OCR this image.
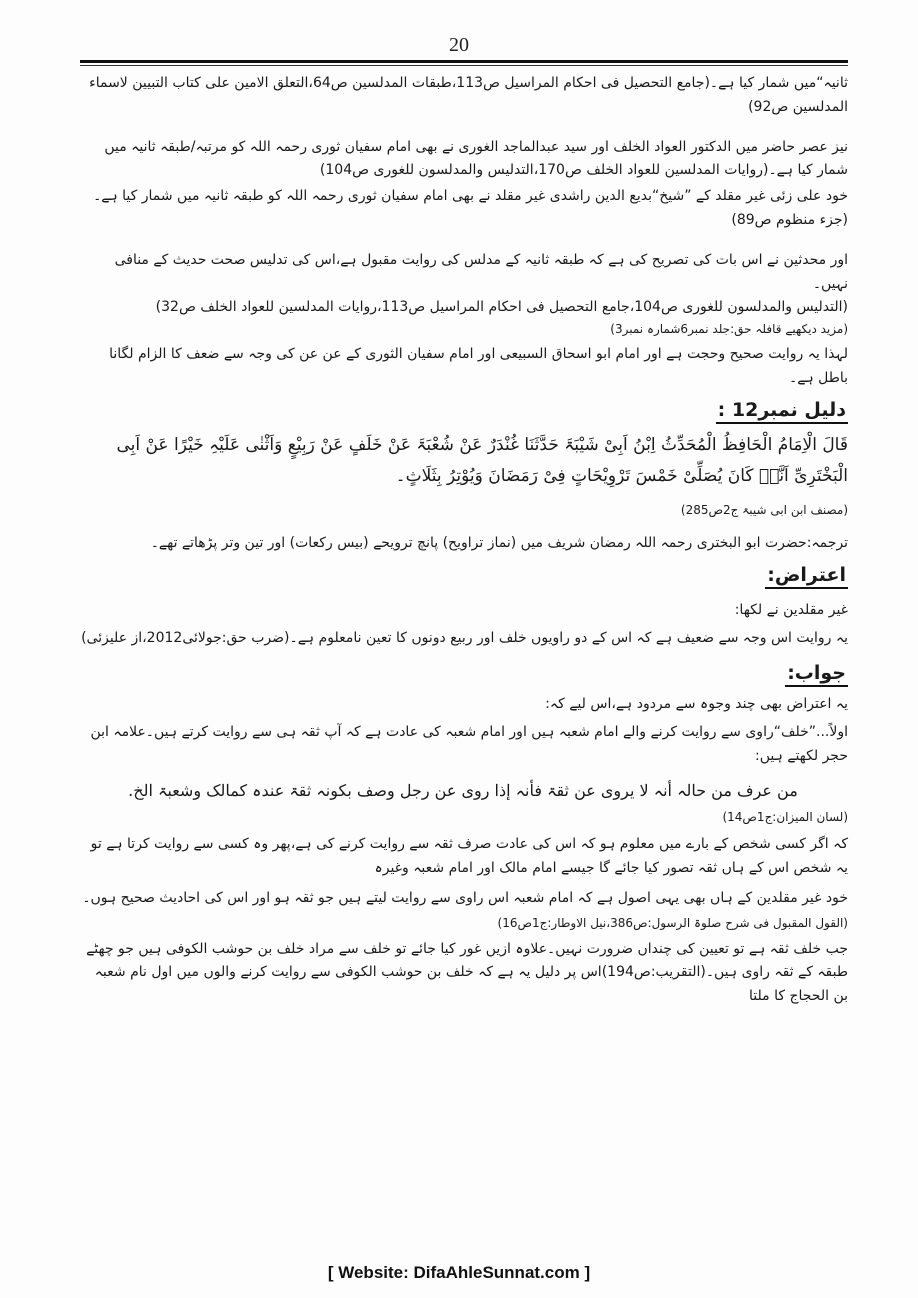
20

ثانیہ“میں شمار کیا ہے۔(جامع التحصیل فی احکام المراسیل ص113،طبقات المدلسین ص64،التعلق الامین علی کتاب التبیین لاسماء المدلسین ص92)

نیز عصر حاضر میں الدکتور العواد الخلف اور سید عبدالماجد الغوری نے بھی امام سفیان ثوری رحمہ اللہ کو مرتبہ/طبقہ ثانیہ میں شمار کیا ہے۔(روایات المدلسین للعواد الخلف ص170،التدلیس والمدلسون للغوری ص104)

خود علی زئی غیر مقلد کے ”شیخ“بدیع الدین راشدی غیر مقلد نے بھی امام سفیان ثوری رحمہ اللہ کو طبقہ ثانیہ میں شمار کیا ہے۔(جزء منظوم ص89)

اور محدثین نے اس بات کی تصریح کی ہے کہ طبقہ ثانیہ کے مدلس کی روایت مقبول ہے،اس کی تدلیس صحت حدیث کے منافی نہیں۔

(التدلیس والمدلسون للغوری ص104،جامع التحصیل فی احکام المراسیل ص113،روایات المدلسین للعواد الخلف ص32)

(مزید دیکھیے قافلہ حق:جلد نمبر6شمارہ نمبر3)

لہذا یہ روایت صحیح وحجت ہے اور امام ابو اسحاق السبیعی اور امام سفیان الثوری کے عن عن کی وجہ سے ضعف کا الزام لگانا باطل ہے۔

دلیل نمبر12 :

قَالَ الْاِمَامُ الْحَافِظُ الْمُحَدِّثُ اِبْنُ اَبِیْ شَیْبَۃَ حَدَّثَنَا غُنْدَرٌ عَنْ شُعْبَۃَ عَنْ خَلَفٍ عَنْ رَبِیْعٍ وَاَثْنٰی عَلَیْہِ خَیْرًا عَنْ اَبِی الْبَخْتَرِیِّ اَنَّہٗ کَانَ یُصَلِّیْ خَمْسَ تَرْوِیْحَاتٍ فِیْ رَمَضَانَ وَیُوْتِرُ بِثَلَاثٍ۔

(مصنف ابن ابی شیبۃ ج2ص285)

ترجمہ:حضرت ابو البختری رحمہ اللہ رمضان شریف میں (نماز تراویح) پانچ ترویحے (بیس رکعات) اور تین وتر پڑھاتے تھے۔

اعتراض:

غیر مقلدین نے لکھا:

یہ روایت اس وجہ سے ضعیف ہے کہ اس کے دو راویوں خلف اور ربیع دونوں کا تعین نامعلوم ہے۔(ضرب حق:جولائی2012،از علیزئی)

جواب:

یہ اعتراض بھی چند وجوہ سے مردود ہے،اس لیے کہ:

اولاً...”خلف“راوی سے روایت کرنے والے امام شعبہ ہیں اور امام شعبہ کی عادت ہے کہ آپ ثقہ ہی سے روایت کرتے ہیں۔علامہ ابن حجر لکھتے ہیں:

من عرف من حالہ أنہ لا یروی عن ثقۃ فأنہ إذا روی عن رجل وصف بکونہ ثقۃ عندہ کمالک وشعبۃ الخ.

(لسان المیزان:ج1ص14)

کہ اگر کسی شخص کے بارے میں معلوم ہو کہ اس کی عادت صرف ثقہ سے روایت کرنے کی ہے،پھر وہ کسی سے روایت کرتا ہے تو یہ شخص اس کے ہاں ثقہ تصور کیا جائے گا جیسے امام مالک اور امام شعبہ وغیرہ

خود غیر مقلدین کے ہاں بھی یہی اصول ہے کہ امام شعبہ اس راوی سے روایت لیتے ہیں جو ثقہ ہو اور اس کی احادیث صحیح ہوں۔

(القول المقبول فی شرح صلوۃ الرسول:ص386،نیل الاوطار:ج1ص16)

جب خلف ثقہ ہے تو تعیین کی چنداں ضرورت نہیں۔علاوہ ازیں غور کیا جائے تو خلف سے مراد خلف بن حوشب الکوفی ہیں جو چھٹے طبقہ کے ثقہ راوی ہیں۔(التقریب:ص194)اس پر دلیل یہ ہے کہ خلف بن حوشب الکوفی سے روایت کرنے والوں میں اول نام شعبہ بن الحجاج کا ملتا

[ Website: DifaAhleSunnat.com ]
